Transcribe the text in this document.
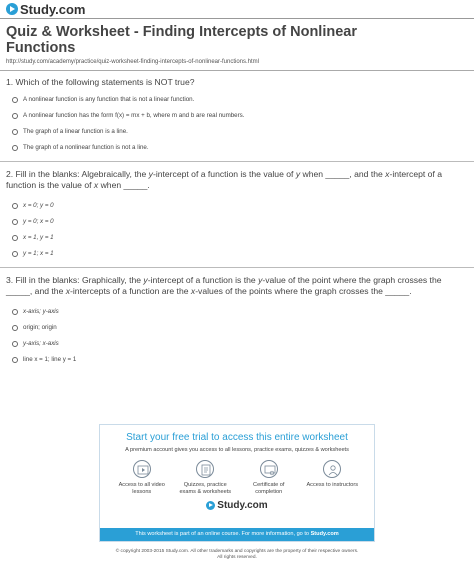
Study.com
Quiz & Worksheet - Finding Intercepts of Nonlinear
Functions
http://study.com/academy/practice/quiz-worksheet-finding-intercepts-of-nonlinear-functions.html
1. Which of the following statements is NOT true?
A nonlinear function is any function that is not a linear function.
A nonlinear function has the form f(x) = mx + b, where m and b are real numbers.
The graph of a linear function is a line.
The graph of a nonlinear function is not a line.
2. Fill in the blanks: Algebraically, the y-intercept of a function is the value of y when _____, and the x-intercept of a function is the value of x when _____.
x = 0; y = 0
y = 0; x = 0
x = 1, y = 1
y = 1; x = 1
3. Fill in the blanks: Graphically, the y-intercept of a function is the y-value of the point where the graph crosses the _____, and the x-intercepts of a function are the x-values of the points where the graph crosses the _____.
x-axis; y-axis
origin; origin
y-axis; x-axis
line x = 1; line y = 1
Start your free trial to access this entire worksheet
A premium account gives you access to all lessons, practice exams, quizzes & worksheets
Access to all video lessons
Quizzes, practice exams & worksheets
Certificate of completion
Access to instructors
Study.com
This worksheet is part of an online course. For more information, go to Study.com
© copyright 2003-2015 Study.com. All other trademarks and copyrights are the property of their respective owners.
All rights reserved.
